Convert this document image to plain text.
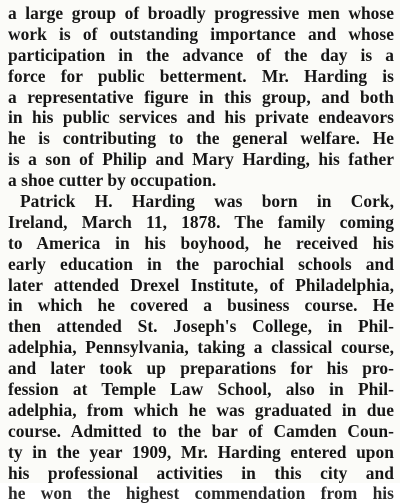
a large group of broadly progressive men whose
work is of outstanding importance and whose
participation in the advance of the day is a
force for public betterment. Mr. Harding is
a representative figure in this group, and both
in his public services and his private endeavors
he is contributing to the general welfare. He
is a son of Philip and Mary Harding, his father
a shoe cutter by occupation.

Patrick H. Harding was born in Cork,
Ireland, March 11, 1878. The family coming
to America in his boyhood, he received his
early education in the parochial schools and
later attended Drexel Institute, of Philadelphia,
in which he covered a business course. He
then attended St. Joseph's College, in Phil-
adelphia, Pennsylvania, taking a classical course,
and later took up preparations for his pro-
fession at Temple Law School, also in Phil-
adelphia, from which he was graduated in due
course. Admitted to the bar of Camden Coun-
ty in the year 1909, Mr. Harding entered upon
his professional activities in this city and
he won the highest commendation from his
